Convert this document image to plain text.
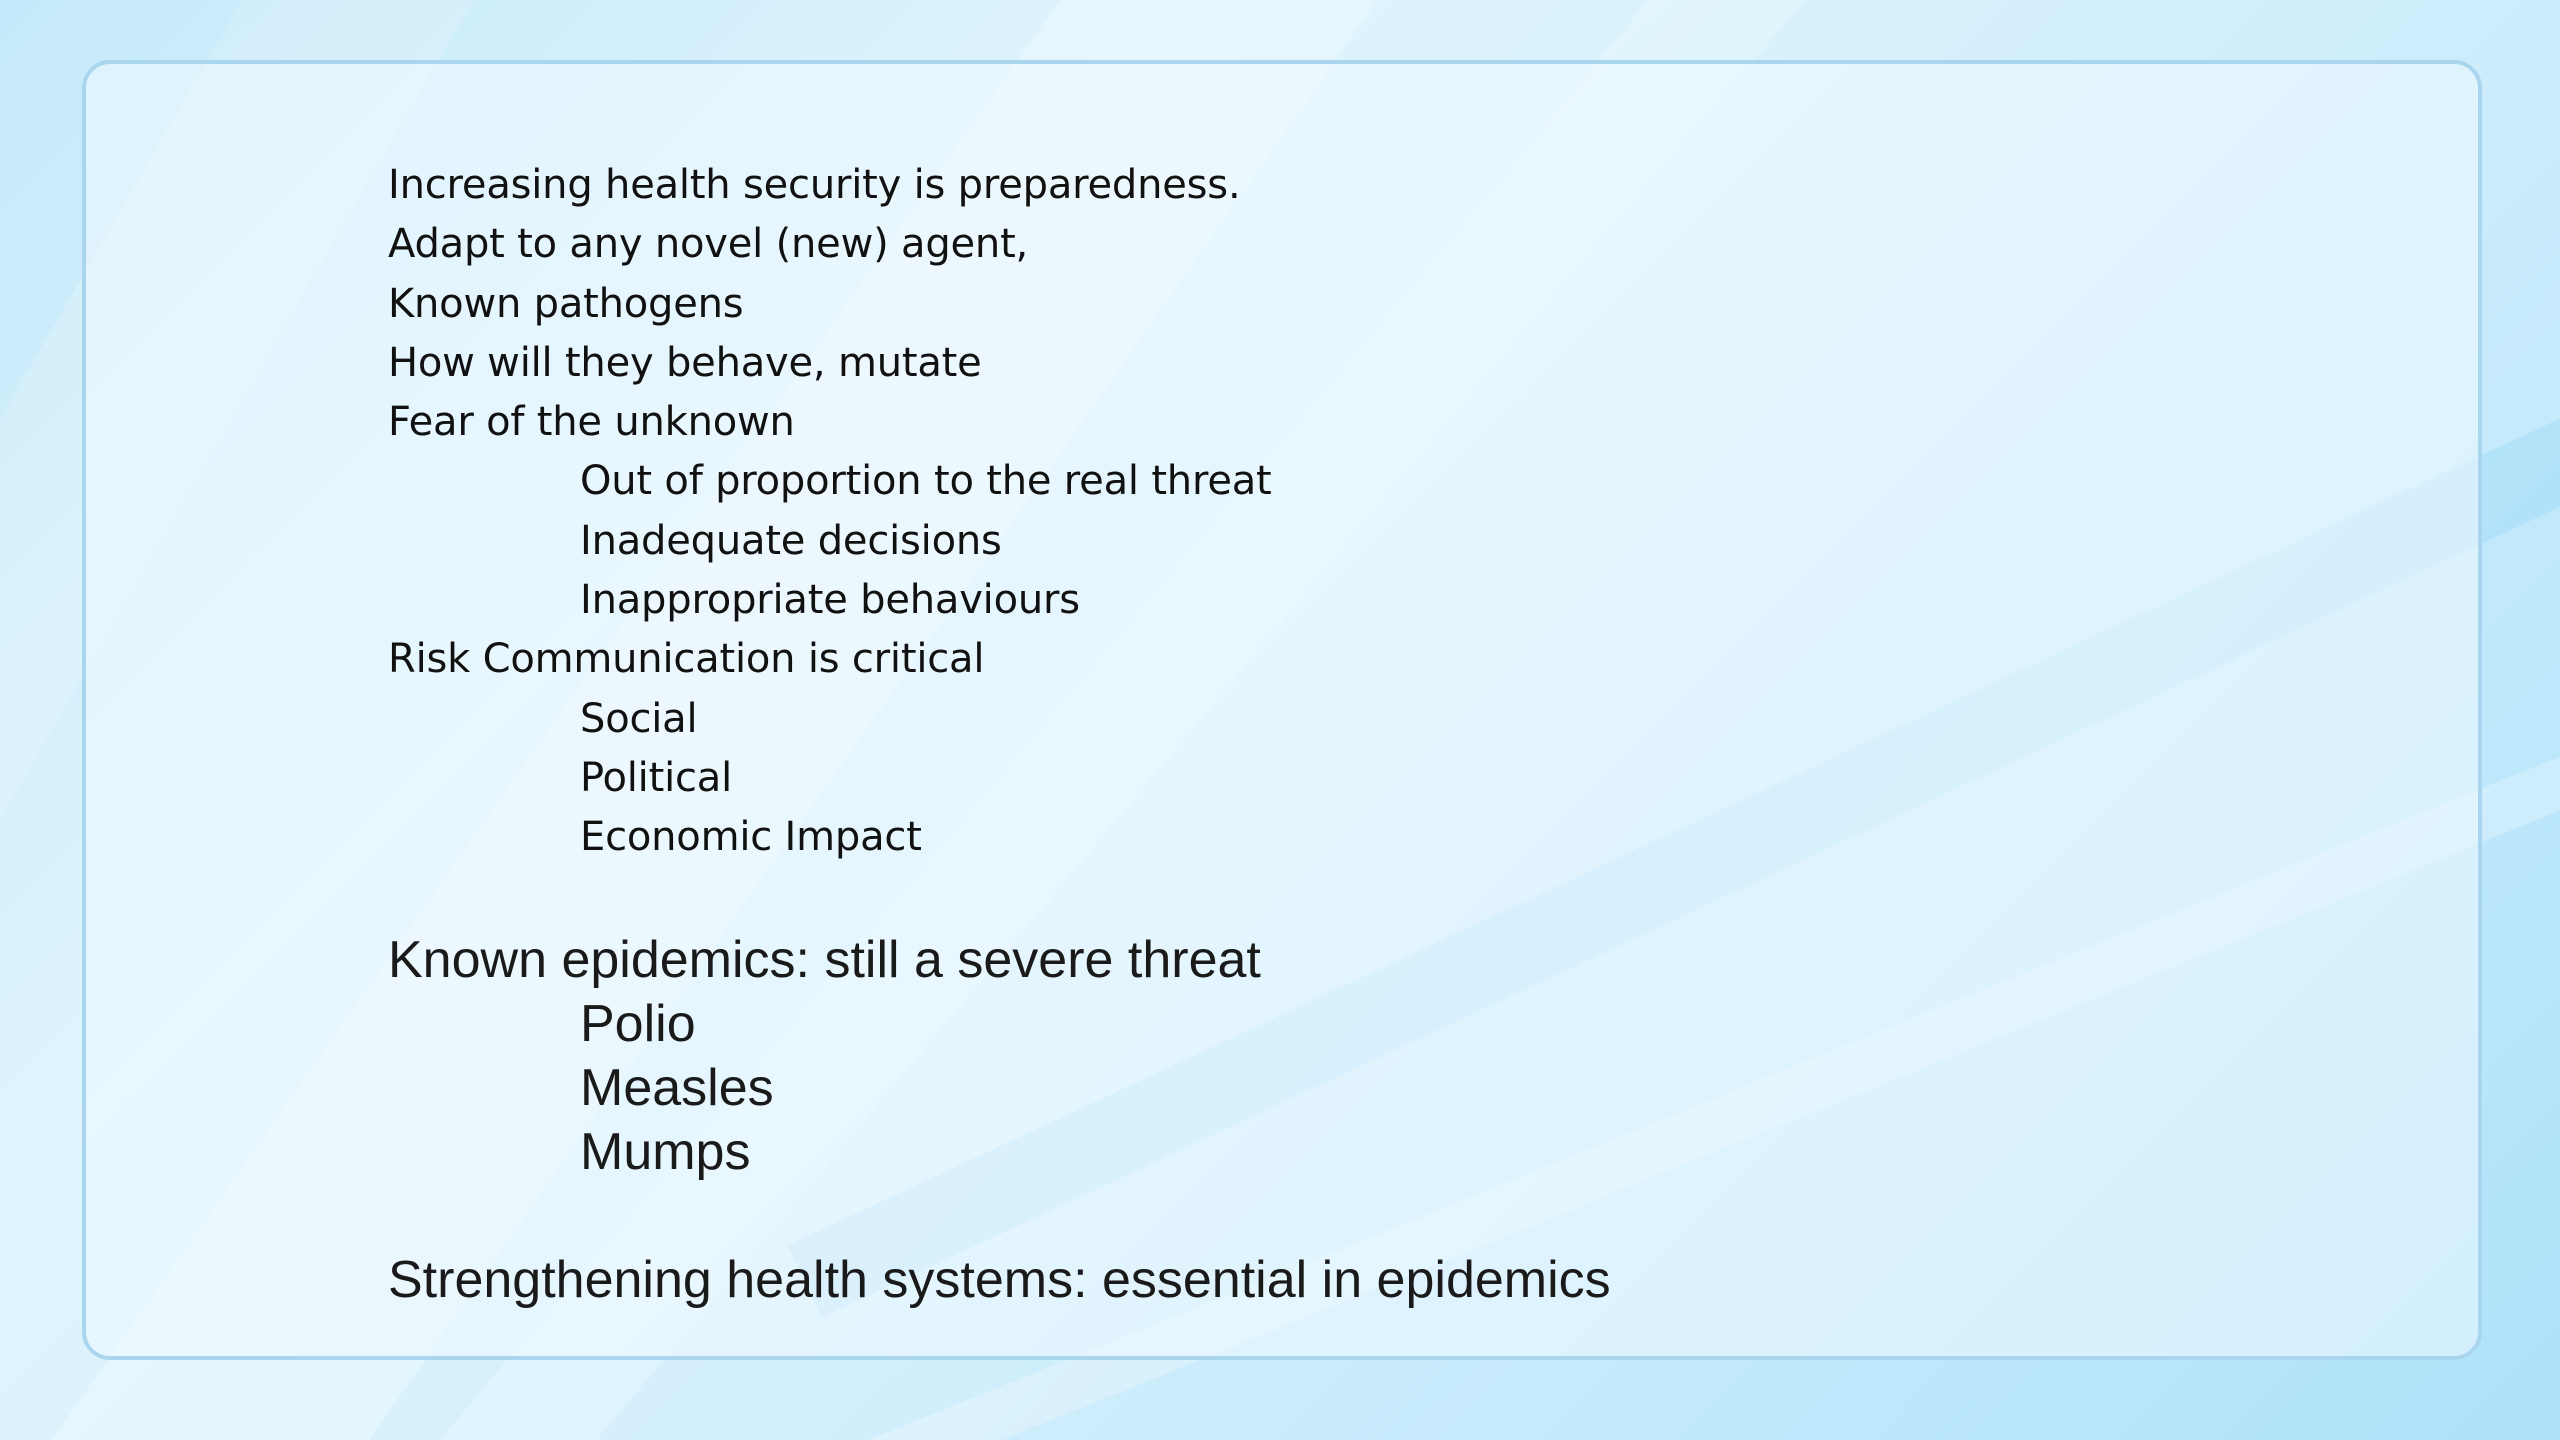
Increasing health security is preparedness.
Adapt to any novel (new) agent,
Known pathogens
How will they behave, mutate
Fear of the unknown
Out of proportion to the real threat
Inadequate decisions
Inappropriate behaviours
Risk Communication is critical
Social
Political
Economic Impact
Known epidemics: still a severe threat
Polio
Measles
Mumps
Strengthening health systems: essential in epidemics
